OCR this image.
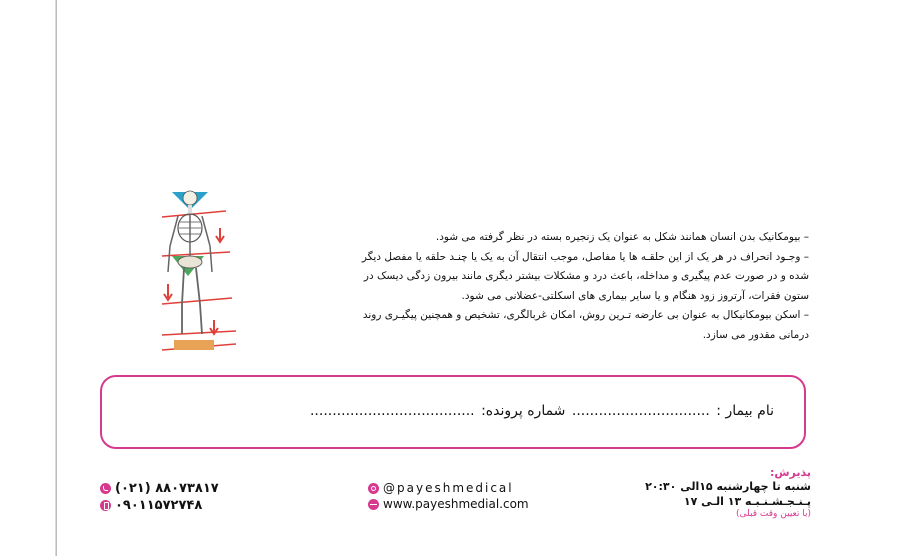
– بیومکانیک بدن انسان همانند شکل به عنوان یک زنجیره بسته در نظر گرفته می شود.

– وجـود انحراف در هر یک از این حلقـه ها یا مفاصل، موجب انتقال آن به یک یا چنـد حلقه یا مفصل دیگر شده و در صورت عدم پیگیری و مداخله، باعث درد و مشکلات بیشتر دیگری مانند بیرون زدگی دیسک در ستون فقرات، آرتروز زود هنگام و یا سایر بیماری های اسکلتی-عضلانی می شود.

– اسکن بیومکانیکال به عنوان بی عارضه تـرین روش، امکان غربالگری، تشخیص و همچنین پیگیـری روند درمانی مقدور می سازد.

نام بیمار : ............................... شماره پرونده: .....................................
پذیرش:
شنبه تا چهارشنبه ۱۵الی ۲۰:۳۰
پـنـجـشـنـبـه ۱۳ الـی ۱۷
(با تعیین وقت قبلی)
@payeshmedical
www.payeshmedial.com
(۰۲۱) ۸۸۰۷۳۸۱۷
۰۹۰۱۱۵۷۲۷۴۸
